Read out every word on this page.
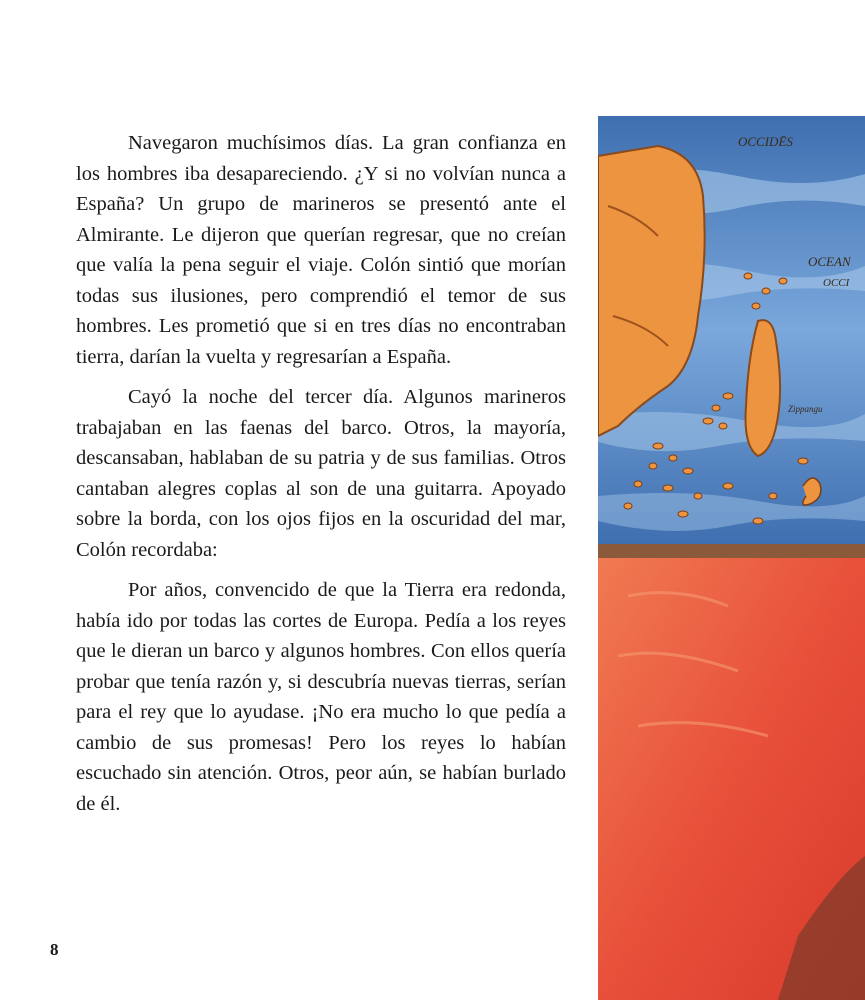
Navegaron muchísimos días. La gran confianza en los hombres iba desapareciendo. ¿Y si no volvían nunca a España? Un grupo de marineros se presentó ante el Almirante. Le dijeron que querían regresar, que no creían que valía la pena seguir el viaje. Colón sintió que morían todas sus ilusiones, pero comprendió el temor de sus hombres. Les prometió que si en tres días no encontraban tierra, darían la vuelta y regresarían a España.

Cayó la noche del tercer día. Algunos marineros trabajaban en las faenas del barco. Otros, la mayoría, descansaban, hablaban de su patria y de sus familias. Otros cantaban alegres coplas al son de una guitarra. Apoyado sobre la borda, con los ojos fijos en la oscuridad del mar, Colón recordaba:

Por años, convencido de que la Tierra era redonda, había ido por todas las cortes de Europa. Pedía a los reyes que le dieran un barco y algunos hombres. Con ellos quería probar que tenía razón y, si descubría nuevas tierras, serían para el rey que lo ayudase. ¡No era mucho lo que pedía a cambio de sus promesas! Pero los reyes lo habían escuchado sin atención. Otros, peor aún, se habían burlado de él.

8
OCCIDĒS
OCEAN
OCCI
Zippangu
